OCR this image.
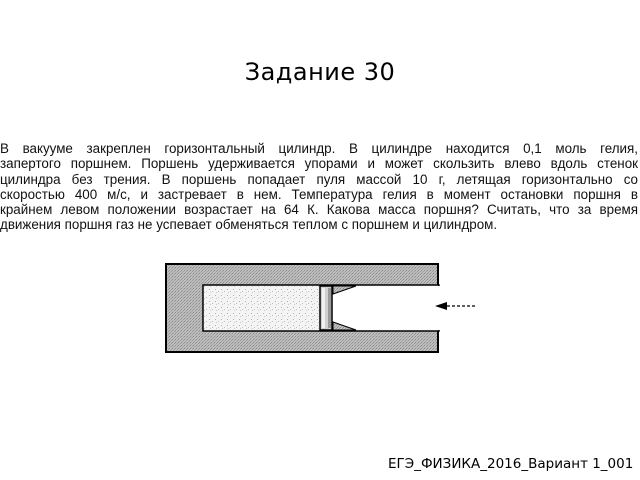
Задание 30
В вакууме закреплен горизонтальный цилиндр. В цилиндре находится 0,1 моль гелия,
запертого поршнем. Поршень удерживается упорами и может скользить влево вдоль стенок
цилиндра без трения. В поршень попадает пуля массой 10 г, летящая горизонтально со
скоростью 400 м/с, и застревает в нем. Температура гелия в момент остановки поршня в
крайнем левом положении возрастает на 64 К. Какова масса поршня? Считать, что за время
движения поршня газ не успевает обменяться теплом с поршнем и цилиндром.
ЕГЭ_ФИЗИКА_2016_Вариант 1_001
